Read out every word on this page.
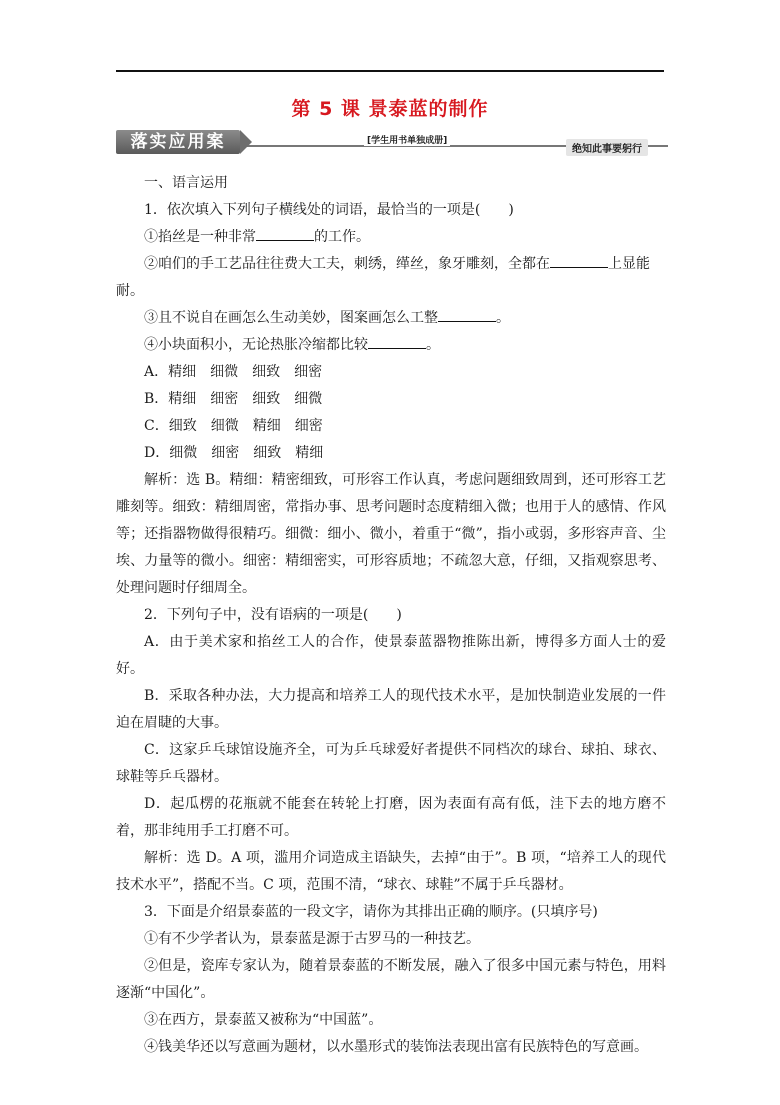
第 5 课 景泰蓝的制作
落实应用案	[学生用书单独成册]
绝知此事要躬行

一、语言运用

1．依次填入下列句子横线处的词语，最恰当的一项是(　　)

①掐丝是一种非常	的工作。

②咱们的手工艺品往往费大工夫，刺绣，缂丝，象牙雕刻，全都在	上显能耐。

③且不说自在画怎么生动美妙，图案画怎么工整	。

④小块面积小，无论热胀冷缩都比较	。

A．精细　细微　细致　细密

B．精细　细密　细致　细微

C．细致　细微　精细　细密

D．细微　细密　细致　精细

解析：选 B。精细：精密细致，可形容工作认真，考虑问题细致周到，还可形容工艺雕刻等。细致：精细周密，常指办事、思考问题时态度精细入微；也用于人的感情、作风等；还指器物做得很精巧。细微：细小、微小，着重于“微”，指小或弱，多形容声音、尘埃、力量等的微小。细密：精细密实，可形容质地；不疏忽大意，仔细，又指观察思考、处理问题时仔细周全。

2．下列句子中，没有语病的一项是(　　)

A．由于美术家和掐丝工人的合作，使景泰蓝器物推陈出新，博得多方面人士的爱好。

B．采取各种办法，大力提高和培养工人的现代技术水平，是加快制造业发展的一件迫在眉睫的大事。

C．这家乒乓球馆设施齐全，可为乒乓球爱好者提供不同档次的球台、球拍、球衣、球鞋等乒乓器材。

D．起瓜楞的花瓶就不能套在转轮上打磨，因为表面有高有低，洼下去的地方磨不着，那非纯用手工打磨不可。

解析：选 D。A 项，滥用介词造成主语缺失，去掉“由于”。B 项，“培养工人的现代技术水平”，搭配不当。C 项，范围不清，“球衣、球鞋”不属于乒乓器材。

3．下面是介绍景泰蓝的一段文字，请你为其排出正确的顺序。(只填序号)

①有不少学者认为，景泰蓝是源于古罗马的一种技艺。

②但是，瓷库专家认为，随着景泰蓝的不断发展，融入了很多中国元素与特色，用料逐渐“中国化”。

③在西方，景泰蓝又被称为“中国蓝”。

④钱美华还以写意画为题材，以水墨形式的装饰法表现出富有民族特色的写意画。
